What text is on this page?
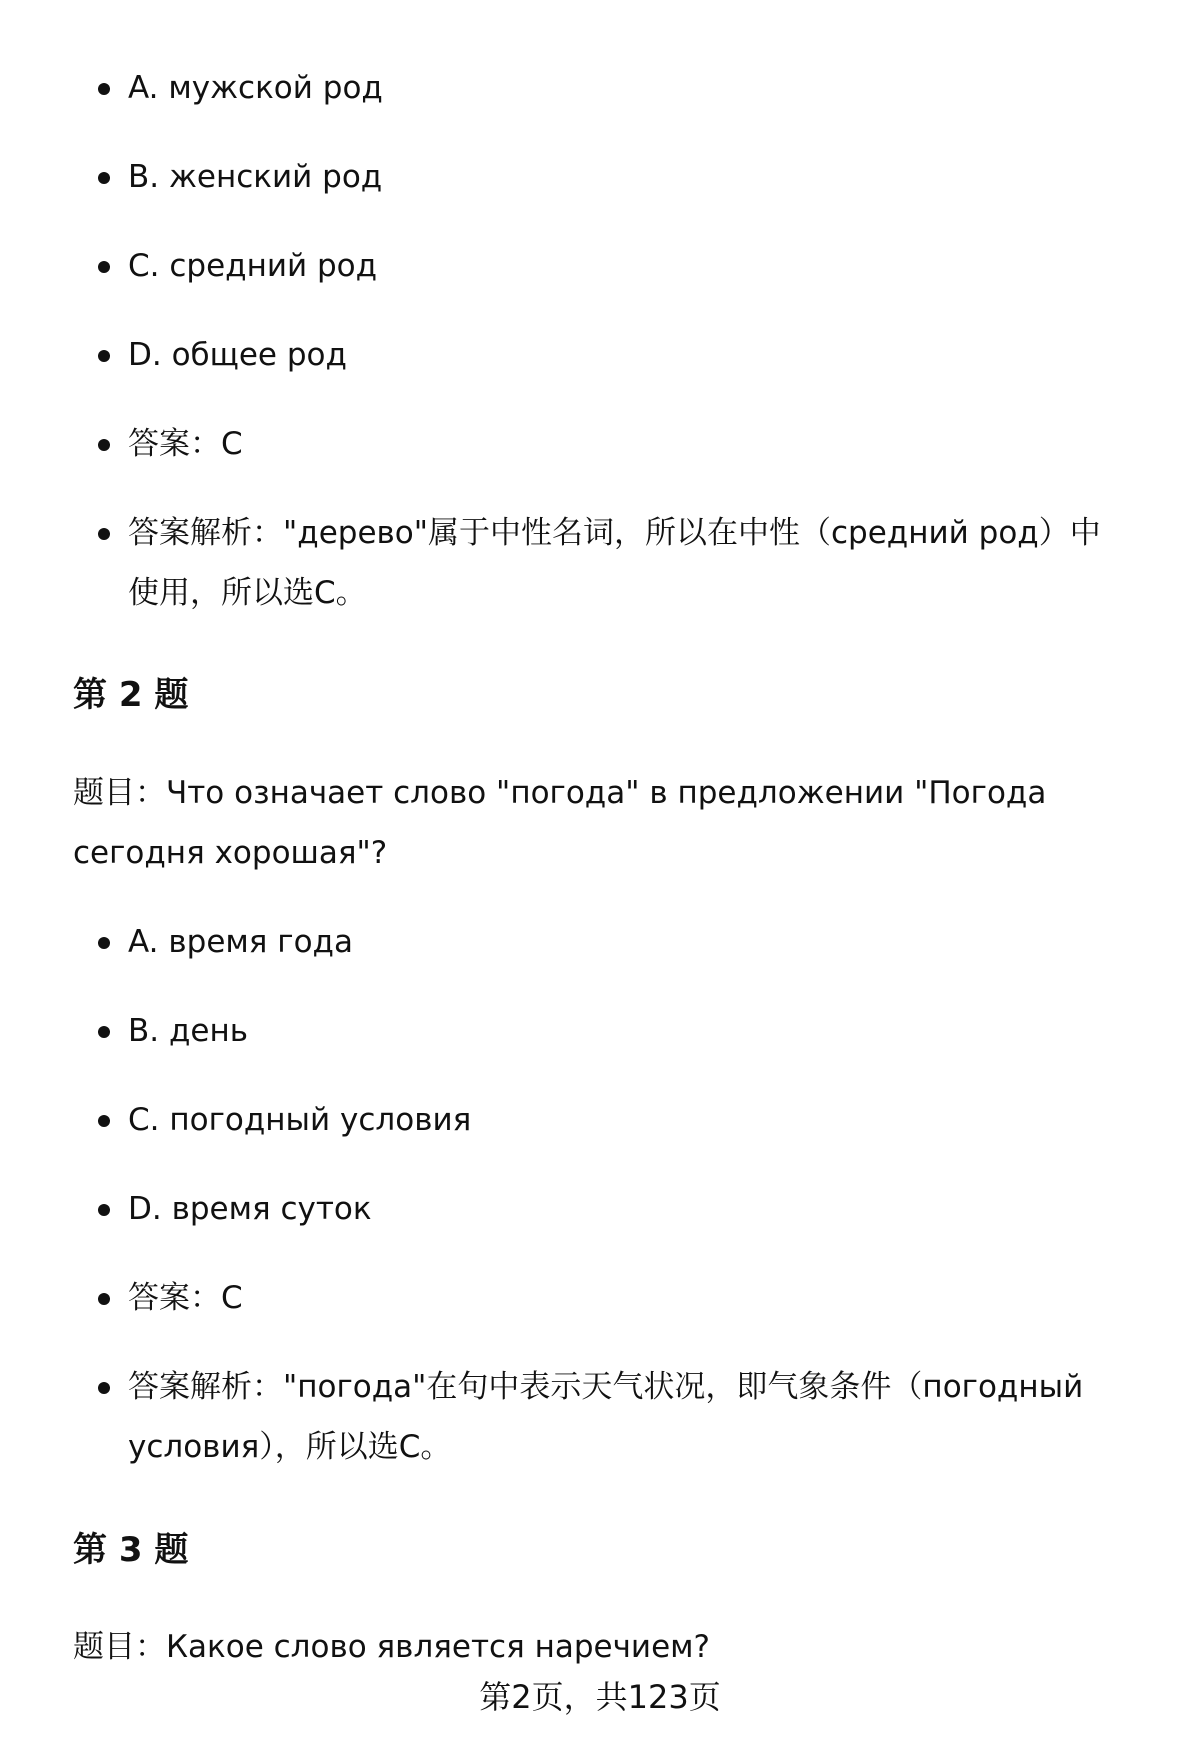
A. мужской род
B. женский род
C. средний род
D. общее род
答案：C
答案解析："дерево"属于中性名词，所以在中性（средний род）中使用，所以选C。
第 2 题
题目：Что означает слово "погода" в предложении "Погода сегодня хорошая"?
A. время года
B. день
C. погодный условия
D. время суток
答案：C
答案解析："погода"在句中表示天气状况，即气象条件（погодный условия），所以选C。
第 3 题
题目：Какое слово является наречием?
第2页，共123页
